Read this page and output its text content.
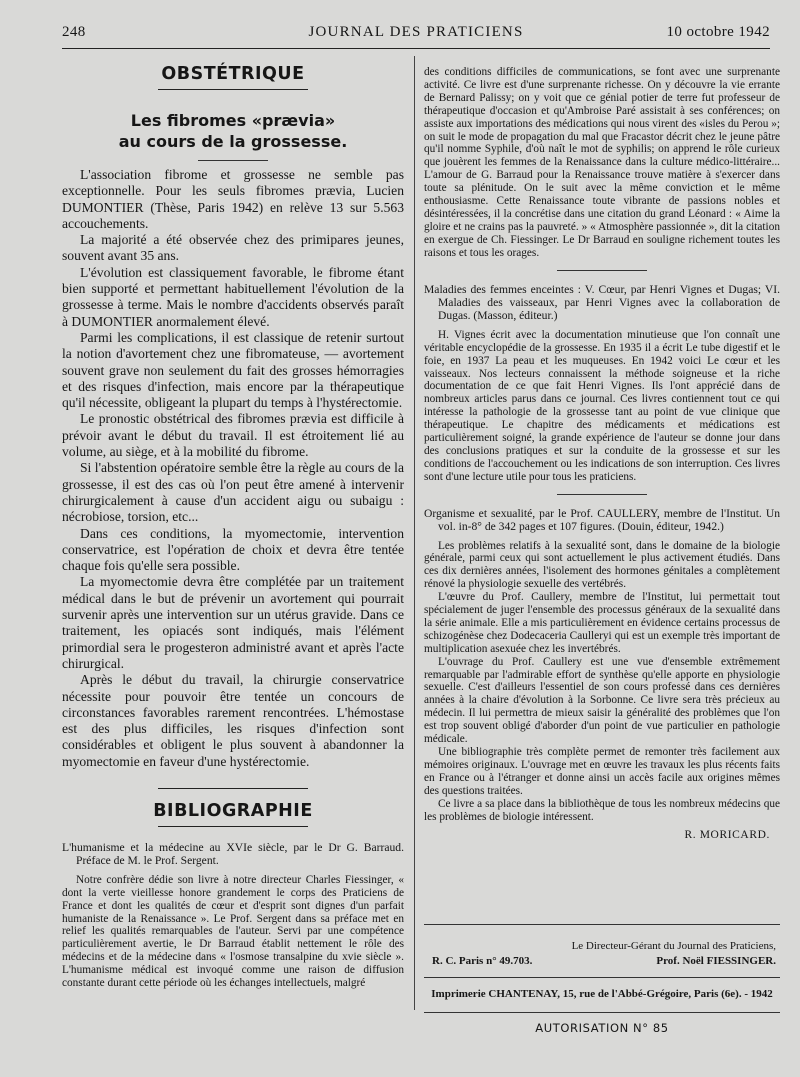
248	JOURNAL DES PRATICIENS	10 octobre 1942
OBSTÉTRIQUE
Les fibromes «prævia»
au cours de la grossesse.

L'association fibrome et grossesse ne semble pas exceptionnelle. Pour les seuls fibromes prævia, Lucien DUMONTIER (Thèse, Paris 1942) en relève 13 sur 5.563 accouchements.

La majorité a été observée chez des primipares jeunes, souvent avant 35 ans.

L'évolution est classiquement favorable, le fibrome étant bien supporté et permettant habituellement l'évolution de la grossesse à terme. Mais le nombre d'accidents observés paraît à DUMONTIER anormalement élevé.

Parmi les complications, il est classique de retenir surtout la notion d'avortement chez une fibromateuse, — avortement souvent grave non seulement du fait des grosses hémorragies et des risques d'infection, mais encore par la thérapeutique qu'il nécessite, obligeant la plupart du temps à l'hystérectomie.

Le pronostic obstétrical des fibromes prævia est difficile à prévoir avant le début du travail. Il est étroitement lié au volume, au siège, et à la mobilité du fibrome.

Si l'abstention opératoire semble être la règle au cours de la grossesse, il est des cas où l'on peut être amené à intervenir chirurgicalement à cause d'un accident aigu ou subaigu : nécrobiose, torsion, etc...

Dans ces conditions, la myomectomie, intervention conservatrice, est l'opération de choix et devra être tentée chaque fois qu'elle sera possible.

La myomectomie devra être complétée par un traitement médical dans le but de prévenir un avortement qui pourrait survenir après une intervention sur un utérus gravide. Dans ce traitement, les opiacés sont indiqués, mais l'élément primordial sera le progesteron administré avant et après l'acte chirurgical.

Après le début du travail, la chirurgie conservatrice nécessite pour pouvoir être tentée un concours de circonstances favorables rarement rencontrées. L'hémostase est des plus difficiles, les risques d'infection sont considérables et obligent le plus souvent à abandonner la myomectomie en faveur d'une hystérectomie.

BIBLIOGRAPHIE

L'humanisme et la médecine au XVIe siècle, par le Dr G. Barraud. Préface de M. le Prof. Sergent.

Notre confrère dédie son livre à notre directeur Charles Fiessinger, « dont la verte vieillesse honore grandement le corps des Praticiens de France et dont les qualités de cœur et d'esprit sont dignes d'un parfait humaniste de la Renaissance ». Le Prof. Sergent dans sa préface met en relief les qualités remarquables de l'auteur. Servi par une compétence particulièrement avertie, le Dr Barraud établit nettement le rôle des médecins et de la médecine dans « l'osmose transalpine du xvie siècle ». L'humanisme médical est invoqué comme une raison de diffusion constante durant cette période où les échanges intellectuels, malgré

des conditions difficiles de communications, se font avec une surprenante activité. Ce livre est d'une surprenante richesse. On y découvre la vie errante de Bernard Palissy; on y voit que ce génial potier de terre fut professeur de thérapeutique d'occasion et qu'Ambroise Paré assistait à ses conférences; on assiste aux importations des médications qui nous virent des «isles du Perou »; on suit le mode de propagation du mal que Fracastor décrit chez le jeune pâtre qu'il nomme Syphile, d'où naît le mot de syphilis; on apprend le rôle curieux que jouèrent les femmes de la Renaissance dans la culture médico-littéraire... L'amour de G. Barraud pour la Renaissance trouve matière à s'exercer dans toute sa plénitude. On le suit avec la même conviction et le même enthousiasme. Cette Renaissance toute vibrante de passions nobles et désintéressées, il la concrétise dans une citation du grand Léonard : « Aime la gloire et ne crains pas la pauvreté. » « Atmosphère passionnée », dit la citation en exergue de Ch. Fiessinger. Le Dr Barraud en souligne richement toutes les raisons et tous les orages.

Maladies des femmes enceintes : V. Cœur, par Henri Vignes et Dugas; VI. Maladies des vaisseaux, par Henri Vignes avec la collaboration de Dugas. (Masson, éditeur.)

H. Vignes écrit avec la documentation minutieuse que l'on connaît une véritable encyclopédie de la grossesse. En 1935 il a écrit Le tube digestif et le foie, en 1937 La peau et les muqueuses. En 1942 voici Le cœur et les vaisseaux. Nos lecteurs connaissent la méthode soigneuse et la riche documentation de ce que fait Henri Vignes. Ils l'ont apprécié dans de nombreux articles parus dans ce journal. Ces livres contiennent tout ce qui intéresse la pathologie de la grossesse tant au point de vue clinique que thérapeutique. Le chapitre des médicaments et médications est particulièrement soigné, la grande expérience de l'auteur se donne jour dans des conclusions pratiques et sur la conduite de la grossesse et sur les conditions de l'accouchement ou les indications de son interruption. Ces livres sont d'une lecture utile pour tous les praticiens.

Organisme et sexualité, par le Prof. CAULLERY, membre de l'Institut. Un vol. in-8° de 342 pages et 107 figures. (Douin, éditeur, 1942.)

Les problèmes relatifs à la sexualité sont, dans le domaine de la biologie générale, parmi ceux qui sont actuellement le plus activement étudiés. Dans ces dix dernières années, l'isolement des hormones génitales a complètement rénové la physiologie sexuelle des vertébrés.

L'œuvre du Prof. Caullery, membre de l'Institut, lui permettait tout spécialement de juger l'ensemble des processus généraux de la sexualité dans la série animale. Elle a mis particulièrement en évidence certains processus de schizogénèse chez Dodecaceria Caulleryi qui est un exemple très important de multiplication asexuée chez les invertébrés.

L'ouvrage du Prof. Caullery est une vue d'ensemble extrêmement remarquable par l'admirable effort de synthèse qu'elle apporte en physiologie sexuelle. C'est d'ailleurs l'essentiel de son cours professé dans ces dernières années à la chaire d'évolution à la Sorbonne. Ce livre sera très précieux au médecin. Il lui permettra de mieux saisir la généralité des problèmes que l'on est trop souvent obligé d'aborder d'un point de vue particulier en pathologie médicale.

Une bibliographie très complète permet de remonter très facilement aux mémoires originaux. L'ouvrage met en œuvre les travaux les plus récents faits en France ou à l'étranger et donne ainsi un accès facile aux origines mêmes des questions traitées.

Ce livre a sa place dans la bibliothèque de tous les nombreux médecins que les problèmes de biologie intéressent.

R. MORICARD.
Le Directeur-Gérant du Journal des Praticiens,
R. C. Paris n° 49.703.	Prof. Noël FIESSINGER.
Imprimerie CHANTENAY, 15, rue de l'Abbé-Grégoire, Paris (6e). - 1942
AUTORISATION N° 85
